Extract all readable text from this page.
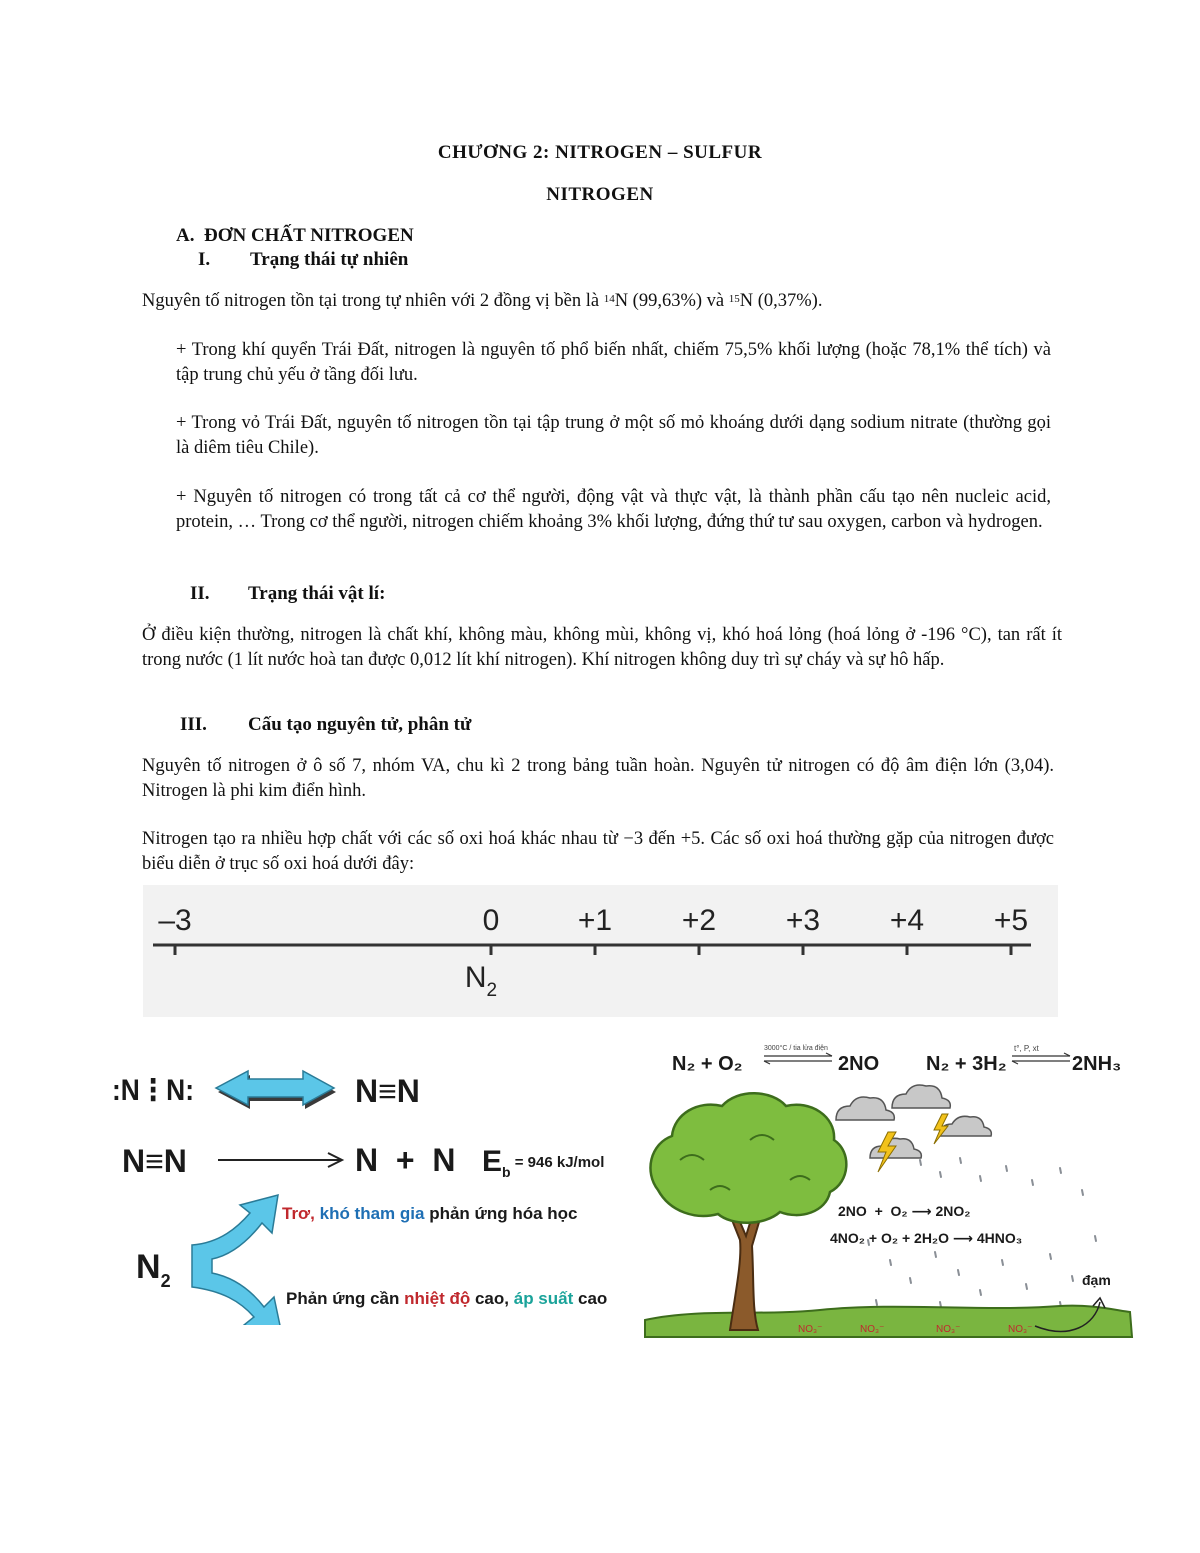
CHƯƠNG 2: NITROGEN – SULFUR
NITROGEN
A. ĐƠN CHẤT NITROGEN
I. Trạng thái tự nhiên
Nguyên tố nitrogen tồn tại trong tự nhiên với 2 đồng vị bền là $^{14}$N (99,63%) và $^{15}$N (0,37%).
+ Trong khí quyển Trái Đất, nitrogen là nguyên tố phổ biến nhất, chiếm 75,5% khối lượng (hoặc 78,1% thể tích) và tập trung chủ yếu ở tầng đối lưu.
+ Trong vỏ Trái Đất, nguyên tố nitrogen tồn tại tập trung ở một số mỏ khoáng dưới dạng sodium nitrate (thường gọi là diêm tiêu Chile).
+ Nguyên tố nitrogen có trong tất cả cơ thể người, động vật và thực vật, là thành phần cấu tạo nên nucleic acid, protein, … Trong cơ thể người, nitrogen chiếm khoảng 3% khối lượng, đứng thứ tư sau oxygen, carbon và hydrogen.
II. Trạng thái vật lí:
Ở điều kiện thường, nitrogen là chất khí, không màu, không mùi, không vị, khó hoá lỏng (hoá lỏng ở -196 °C), tan rất ít trong nước (1 lít nước hoà tan được 0,012 lít khí nitrogen). Khí nitrogen không duy trì sự cháy và sự hô hấp.
III. Cấu tạo nguyên tử, phân tử
Nguyên tố nitrogen ở ô số 7, nhóm VA, chu kì 2 trong bảng tuần hoàn. Nguyên tử nitrogen có độ âm điện lớn (3,04). Nitrogen là phi kim điển hình.
Nitrogen tạo ra nhiều hợp chất với các số oxi hoá khác nhau từ −3 đến +5. Các số oxi hoá thường gặp của nitrogen được biểu diễn ở trục số oxi hoá dưới đây:
–3	0	+1 +2 +3 +4 +5
$N_2$
:N⋮N:	N≡N
N≡N	N  +  N $E_b$ $^{= 946 kJ/mol}$
$N_2$
Trơ, khó tham gia phản ứng hóa học
Phản ứng cần nhiệt độ cao, áp suất cao
N₂ + O₂
3000°C / tia lửa điện
2NO N₂ + 3H₂
t°, P, xt
2NH₃
2NO  +  O₂ ⟶ 2NO₂
4NO₂ + O₂ + 2H₂O ⟶ 4HNO₃
NO₃⁻	NO₃⁻	NO₃⁻	NO₃⁻
đạm
